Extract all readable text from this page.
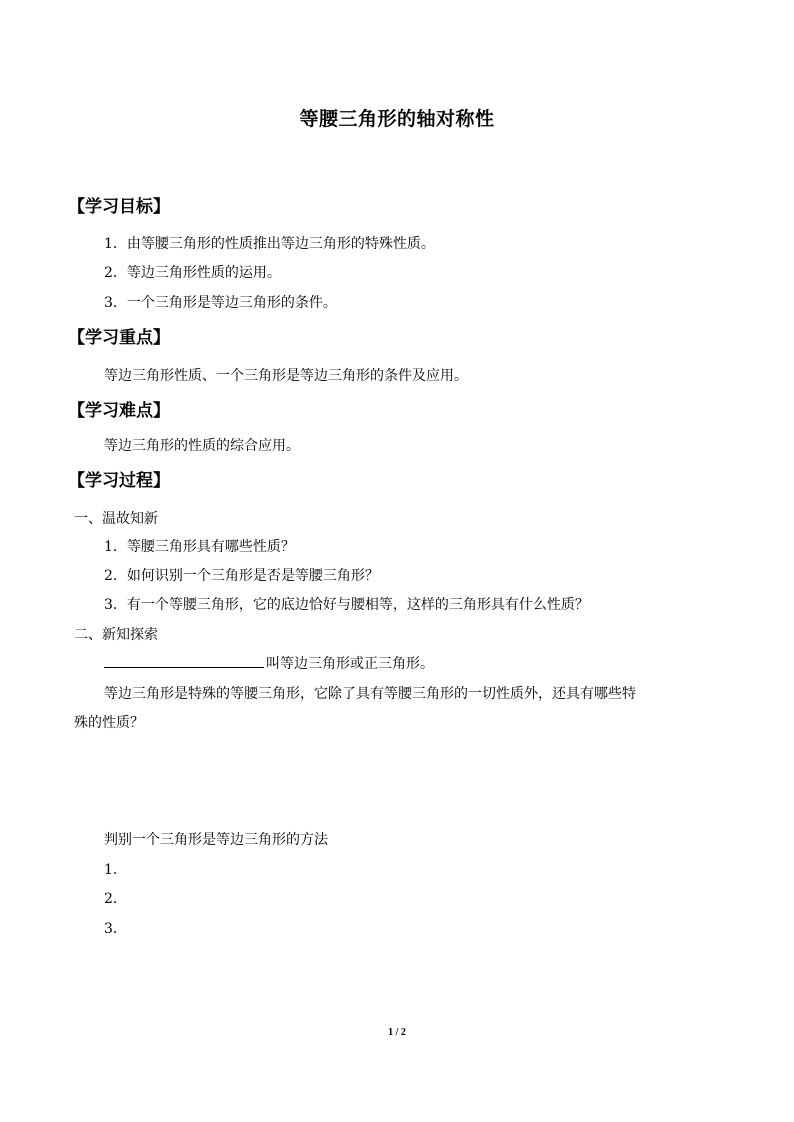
等腰三角形的轴对称性
【学习目标】
1．由等腰三角形的性质推出等边三角形的特殊性质。
2．等边三角形性质的运用。
3．一个三角形是等边三角形的条件。
【学习重点】
等边三角形性质、一个三角形是等边三角形的条件及应用。
【学习难点】
等边三角形的性质的综合应用。
【学习过程】
一、温故知新
1．等腰三角形具有哪些性质？
2．如何识别一个三角形是否是等腰三角形？
3．有一个等腰三角形，它的底边恰好与腰相等，这样的三角形具有什么性质？
二、新知探索
叫等边三角形或正三角形。
等边三角形是特殊的等腰三角形，它除了具有等腰三角形的一切性质外，还具有哪些特
殊的性质？
判别一个三角形是等边三角形的方法
1．
2．
3．
1 / 2
